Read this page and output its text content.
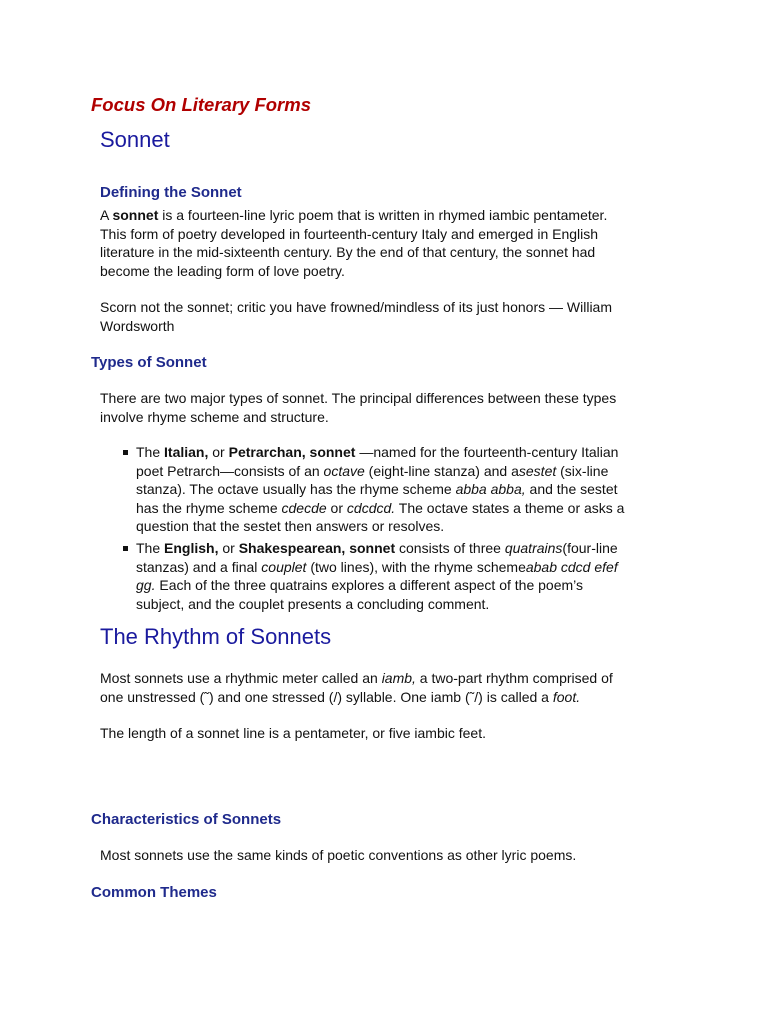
Focus On Literary Forms
Sonnet
Defining the Sonnet
A sonnet is a fourteen-line lyric poem that is written in rhymed iambic pentameter.
This form of poetry developed in fourteenth-century Italy and emerged in English
literature in the mid-sixteenth century. By the end of that century, the sonnet had
become the leading form of love poetry.
Scorn not the sonnet; critic you have frowned/mindless of its just honors — William
Wordsworth
Types of Sonnet
There are two major types of sonnet. The principal differences between these types
involve rhyme scheme and structure.
The Italian, or Petrarchan, sonnet —named for the fourteenth-century Italian
poet Petrarch—consists of an octave (eight-line stanza) and asestet (six-line
stanza). The octave usually has the rhyme scheme abba abba, and the sestet
has the rhyme scheme cdecde or cdcdcd. The octave states a theme or asks a
question that the sestet then answers or resolves.
The English, or Shakespearean, sonnet consists of three quatrains(four-line
stanzas) and a final couplet (two lines), with the rhyme schemeabab cdcd efef
gg. Each of the three quatrains explores a different aspect of the poem’s
subject, and the couplet presents a concluding comment.
The Rhythm of Sonnets
Most sonnets use a rhythmic meter called an iamb, a two-part rhythm comprised of
one unstressed (˜) and one stressed (/) syllable. One iamb (˜/) is called a foot.
The length of a sonnet line is a pentameter, or five iambic feet.
Characteristics of Sonnets
Most sonnets use the same kinds of poetic conventions as other lyric poems.
Common Themes
